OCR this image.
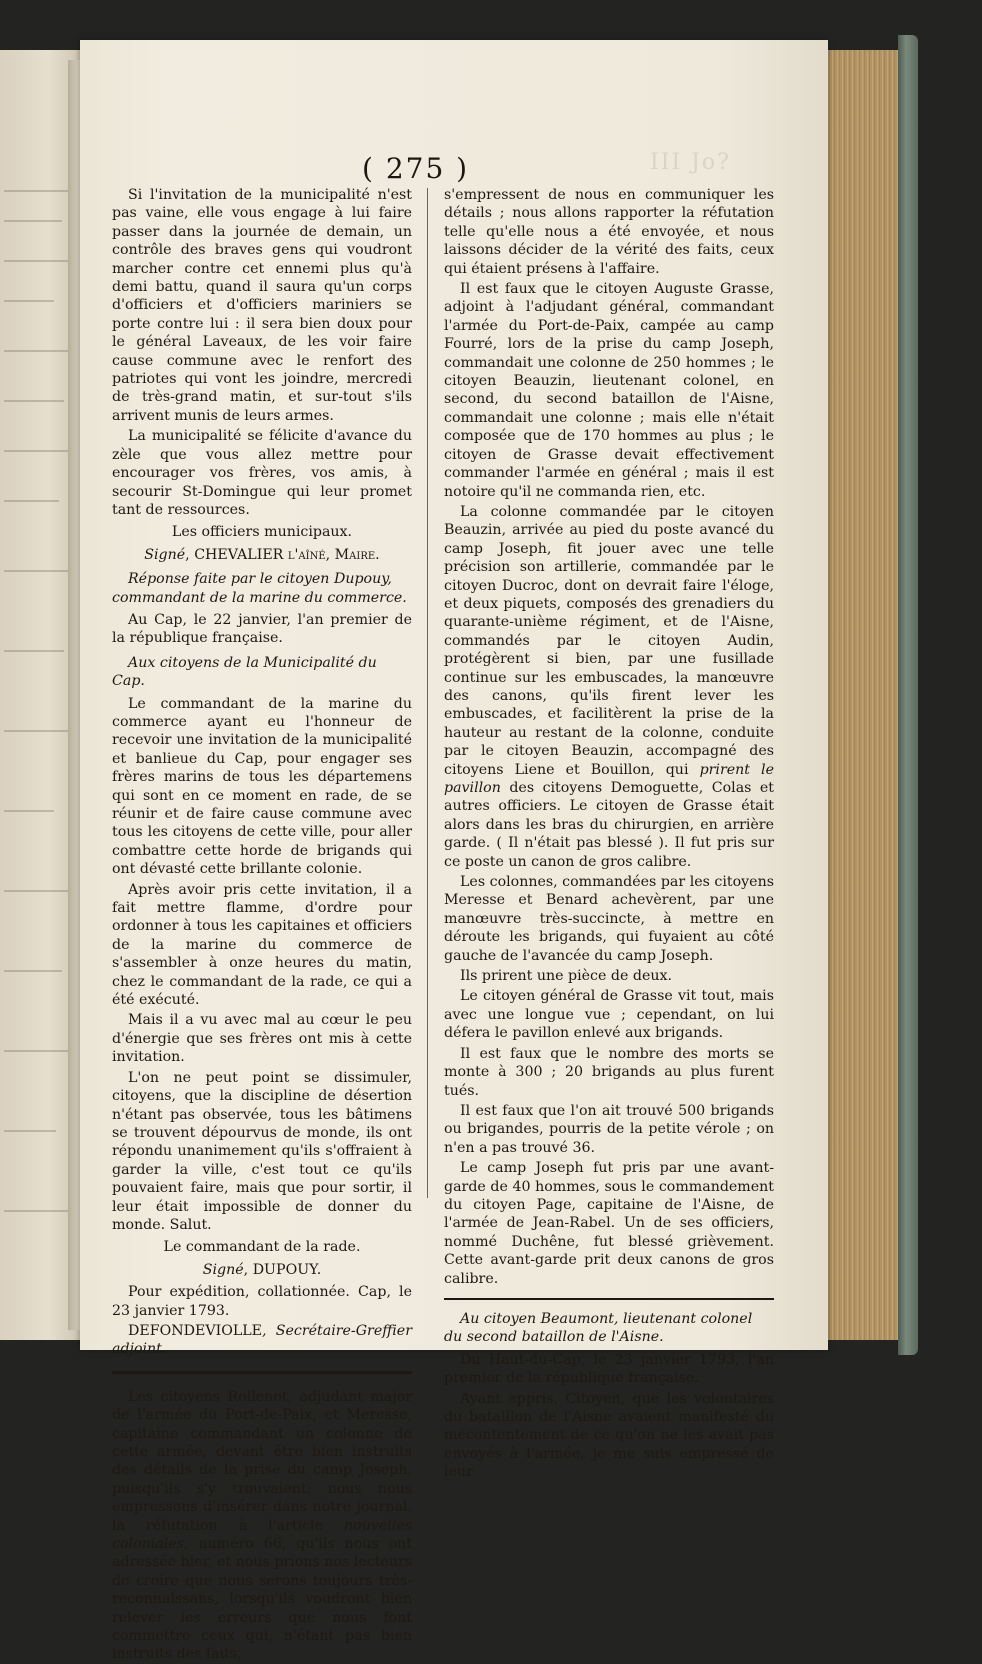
III Jo?
( 275 )

Si l'invitation de la municipalité n'est pas vaine, elle vous engage à lui faire passer dans la journée de demain, un contrôle des braves gens qui voudront marcher contre cet ennemi plus qu'à demi battu, quand il saura qu'un corps d'officiers et d'officiers mariniers se porte contre lui : il sera bien doux pour le général Laveaux, de les voir faire cause commune avec le renfort des patriotes qui vont les joindre, mercredi de très-grand matin, et sur-tout s'ils arrivent munis de leurs armes.

La municipalité se félicite d'avance du zèle que vous allez mettre pour encourager vos frères, vos amis, à secourir St-Domingue qui leur promet tant de ressources.

Les officiers municipaux.

Signé, CHEVALIER l'aîné, Maire.

Réponse faite par le citoyen Dupouy, commandant de la marine du commerce.

Au Cap, le 22 janvier, l'an premier de la république française.

Aux citoyens de la Municipalité du Cap.

Le commandant de la marine du commerce ayant eu l'honneur de recevoir une invitation de la municipalité et banlieue du Cap, pour engager ses frères marins de tous les départemens qui sont en ce moment en rade, de se réunir et de faire cause commune avec tous les citoyens de cette ville, pour aller combattre cette horde de brigands qui ont dévasté cette brillante colonie.

Après avoir pris cette invitation, il a fait mettre flamme, d'ordre pour ordonner à tous les capitaines et officiers de la marine du commerce de s'assembler à onze heures du matin, chez le commandant de la rade, ce qui a été exécuté.

Mais il a vu avec mal au cœur le peu d'énergie que ses frères ont mis à cette invitation.

L'on ne peut point se dissimuler, citoyens, que la discipline de désertion n'étant pas observée, tous les bâtimens se trouvent dépourvus de monde, ils ont répondu unanimement qu'ils s'offraient à garder la ville, c'est tout ce qu'ils pouvaient faire, mais que pour sortir, il leur était impossible de donner du monde. Salut.

Le commandant de la rade.

Signé, DUPOUY.

Pour expédition, collationnée. Cap, le 23 janvier 1793.

DEFONDEVIOLLE, Secrétaire-Greffier adjoint.

Les citoyens Rollenot, adjudant major de l'armée du Port-de-Paix, et Meresse, capitaine commandant un colonne de cette armée, devant être bien instruits des détails de la prise du camp Joseph, puisqu'ils s'y trouvaient; nous nous empressons d'insérer dans notre journal, la réfutation à l'article nouvelles coloniales, numéro 66, qu'ils nous ont adressée hier, et nous prions nos lecteurs de croire que nous serons toujours très-reconnaissans, lorsqu'ils voudront bien relever les erreurs que nous font commettre ceux qui, n'étant pas bien instruits des faits,

s'empressent de nous en communiquer les détails ; nous allons rapporter la réfutation telle qu'elle nous a été envoyée, et nous laissons décider de la vérité des faits, ceux qui étaient présens à l'affaire.

Il est faux que le citoyen Auguste Grasse, adjoint à l'adjudant général, commandant l'armée du Port-de-Paix, campée au camp Fourré, lors de la prise du camp Joseph, commandait une colonne de 250 hommes ; le citoyen Beauzin, lieutenant colonel, en second, du second bataillon de l'Aisne, commandait une colonne ; mais elle n'était composée que de 170 hommes au plus ; le citoyen de Grasse devait effectivement commander l'armée en général ; mais il est notoire qu'il ne commanda rien, etc.

La colonne commandée par le citoyen Beauzin, arrivée au pied du poste avancé du camp Joseph, fit jouer avec une telle précision son artillerie, commandée par le citoyen Ducroc, dont on devrait faire l'éloge, et deux piquets, composés des grenadiers du quarante-unième régiment, et de l'Aisne, commandés par le citoyen Audin, protégèrent si bien, par une fusillade continue sur les embuscades, la manœuvre des canons, qu'ils firent lever les embuscades, et facilitèrent la prise de la hauteur au restant de la colonne, conduite par le citoyen Beauzin, accompagné des citoyens Liene et Bouillon, qui prirent le pavillon des citoyens Demoguette, Colas et autres officiers. Le citoyen de Grasse était alors dans les bras du chirurgien, en arrière garde. ( Il n'était pas blessé ). Il fut pris sur ce poste un canon de gros calibre.

Les colonnes, commandées par les citoyens Meresse et Benard achevèrent, par une manœuvre très-succincte, à mettre en déroute les brigands, qui fuyaient au côté gauche de l'avancée du camp Joseph.

Ils prirent une pièce de deux.

Le citoyen général de Grasse vit tout, mais avec une longue vue ; cependant, on lui défera le pavillon enlevé aux brigands.

Il est faux que le nombre des morts se monte à 300 ; 20 brigands au plus furent tués.

Il est faux que l'on ait trouvé 500 brigands ou brigandes, pourris de la petite vérole ; on n'en a pas trouvé 36.

Le camp Joseph fut pris par une avant-garde de 40 hommes, sous le commandement du citoyen Page, capitaine de l'Aisne, de l'armée de Jean-Rabel. Un de ses officiers, nommé Duchêne, fut blessé grièvement. Cette avant-garde prit deux canons de gros calibre.

Au citoyen Beaumont, lieutenant colonel du second bataillon de l'Aisne.

Du Haut-du-Cap, le 23 janvier 1793, l'an premier de la république française.

Ayant appris, Citoyen, que les volontaires du bataillon de l'Aisne avaient manifesté du mécontentement de ce qu'on ne les avait pas envoyés à l'armée, je me suis empressé de leur
